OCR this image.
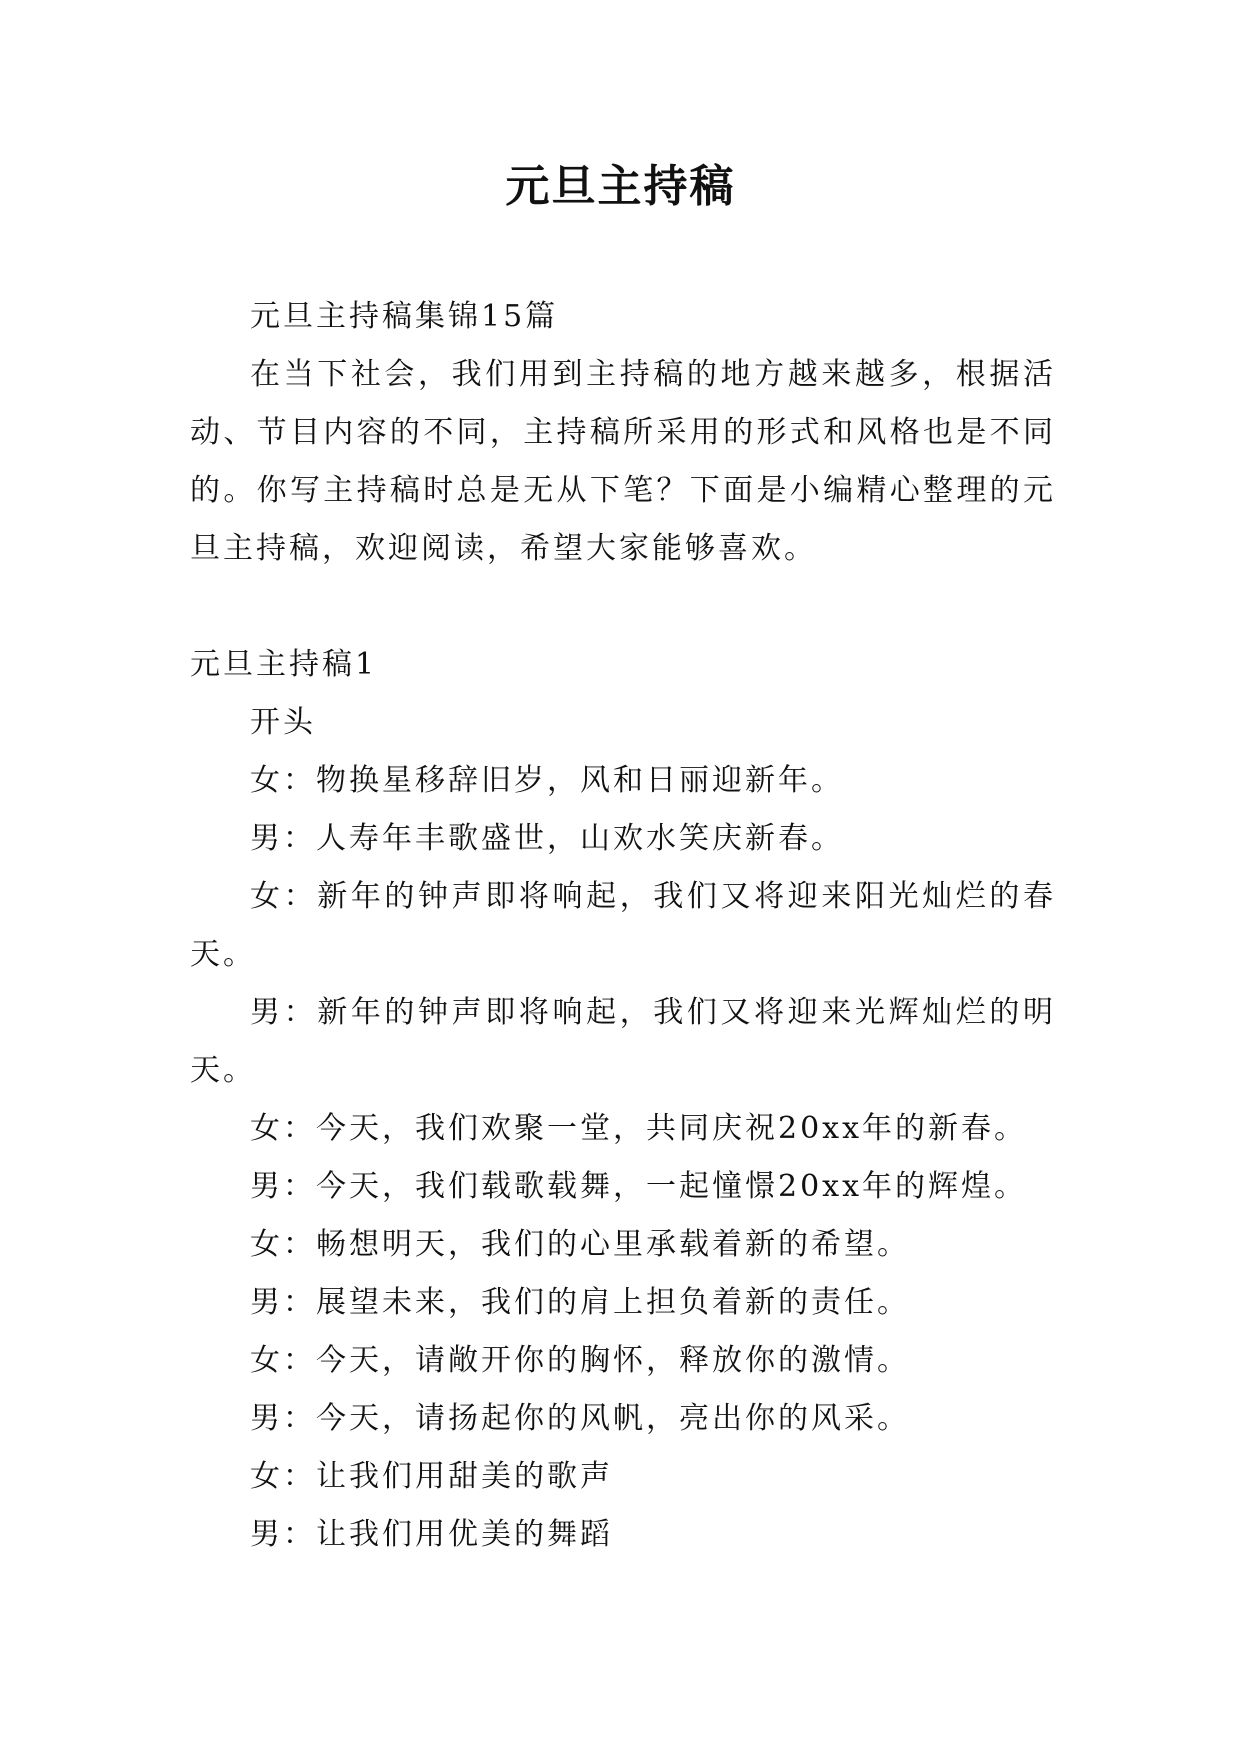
元旦主持稿

元旦主持稿集锦15篇

在当下社会，我们用到主持稿的地方越来越多，根据活动、节目内容的不同，主持稿所采用的形式和风格也是不同的。你写主持稿时总是无从下笔？下面是小编精心整理的元旦主持稿，欢迎阅读，希望大家能够喜欢。

元旦主持稿1

开头

女：物换星移辞旧岁，风和日丽迎新年。

男：人寿年丰歌盛世，山欢水笑庆新春。

女：新年的钟声即将响起，我们又将迎来阳光灿烂的春天。

男：新年的钟声即将响起，我们又将迎来光辉灿烂的明天。

女：今天，我们欢聚一堂，共同庆祝20xx年的新春。

男：今天，我们载歌载舞，一起憧憬20xx年的辉煌。

女：畅想明天，我们的心里承载着新的希望。

男：展望未来，我们的肩上担负着新的责任。

女：今天，请敞开你的胸怀，释放你的激情。

男：今天，请扬起你的风帆，亮出你的风采。

女：让我们用甜美的歌声

男：让我们用优美的舞蹈
